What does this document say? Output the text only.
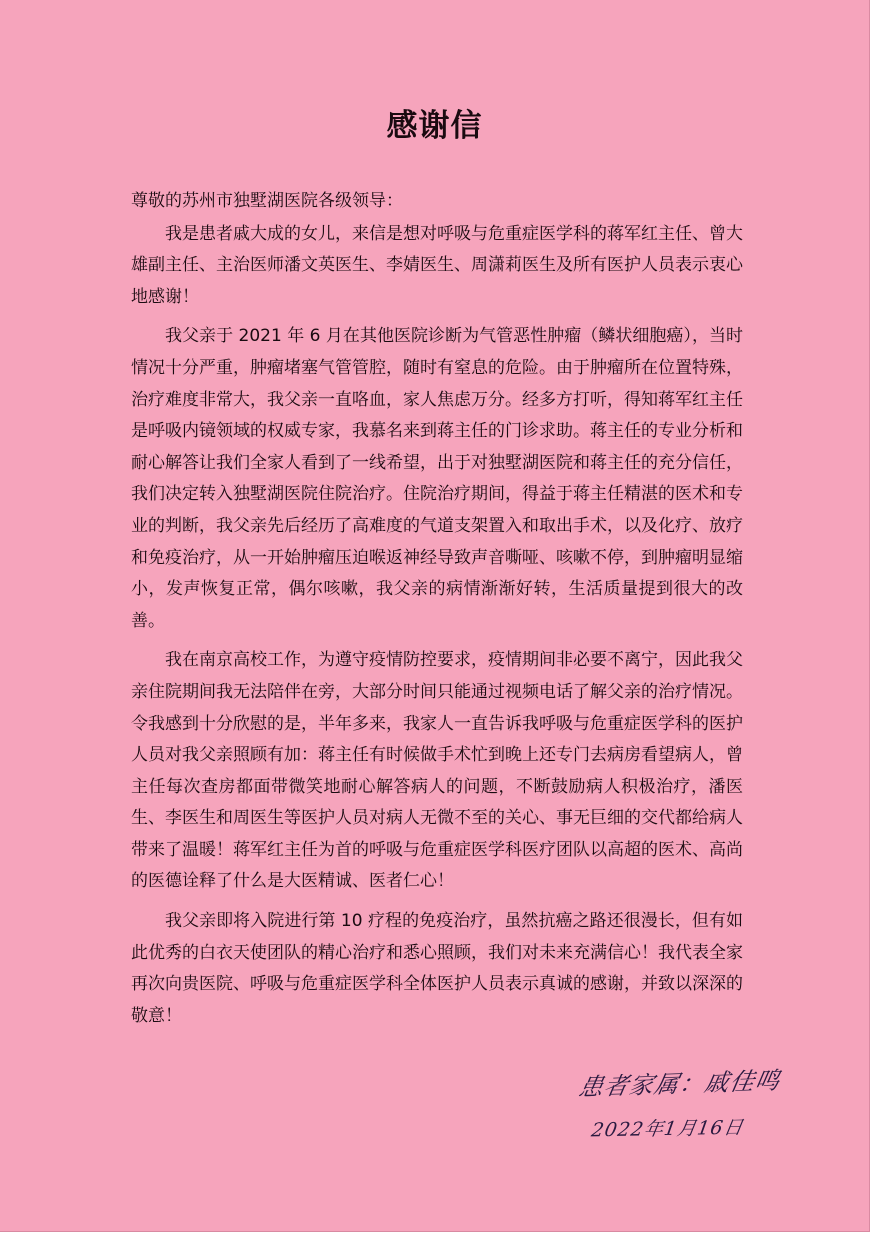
感谢信

尊敬的苏州市独墅湖医院各级领导：

我是患者戚大成的女儿，来信是想对呼吸与危重症医学科的蒋军红主任、曾大雄副主任、主治医师潘文英医生、李婧医生、周潇莉医生及所有医护人员表示衷心地感谢！

我父亲于 2021 年 6 月在其他医院诊断为气管恶性肿瘤（鳞状细胞癌），当时情况十分严重，肿瘤堵塞气管管腔，随时有窒息的危险。由于肿瘤所在位置特殊，治疗难度非常大，我父亲一直咯血，家人焦虑万分。经多方打听，得知蒋军红主任是呼吸内镜领域的权威专家，我慕名来到蒋主任的门诊求助。蒋主任的专业分析和耐心解答让我们全家人看到了一线希望，出于对独墅湖医院和蒋主任的充分信任，我们决定转入独墅湖医院住院治疗。住院治疗期间，得益于蒋主任精湛的医术和专业的判断，我父亲先后经历了高难度的气道支架置入和取出手术，以及化疗、放疗和免疫治疗，从一开始肿瘤压迫喉返神经导致声音嘶哑、咳嗽不停，到肿瘤明显缩小，发声恢复正常，偶尔咳嗽，我父亲的病情渐渐好转，生活质量提到很大的改善。

我在南京高校工作，为遵守疫情防控要求，疫情期间非必要不离宁，因此我父亲住院期间我无法陪伴在旁，大部分时间只能通过视频电话了解父亲的治疗情况。令我感到十分欣慰的是，半年多来，我家人一直告诉我呼吸与危重症医学科的医护人员对我父亲照顾有加：蒋主任有时候做手术忙到晚上还专门去病房看望病人，曾主任每次查房都面带微笑地耐心解答病人的问题，不断鼓励病人积极治疗，潘医生、李医生和周医生等医护人员对病人无微不至的关心、事无巨细的交代都给病人带来了温暖！蒋军红主任为首的呼吸与危重症医学科医疗团队以高超的医术、高尚的医德诠释了什么是大医精诚、医者仁心！

我父亲即将入院进行第 10 疗程的免疫治疗，虽然抗癌之路还很漫长，但有如此优秀的白衣天使团队的精心治疗和悉心照顾，我们对未来充满信心！我代表全家再次向贵医院、呼吸与危重症医学科全体医护人员表示真诚的感谢，并致以深深的敬意！

患者家属：戚佳鸣
2022年1月16日
